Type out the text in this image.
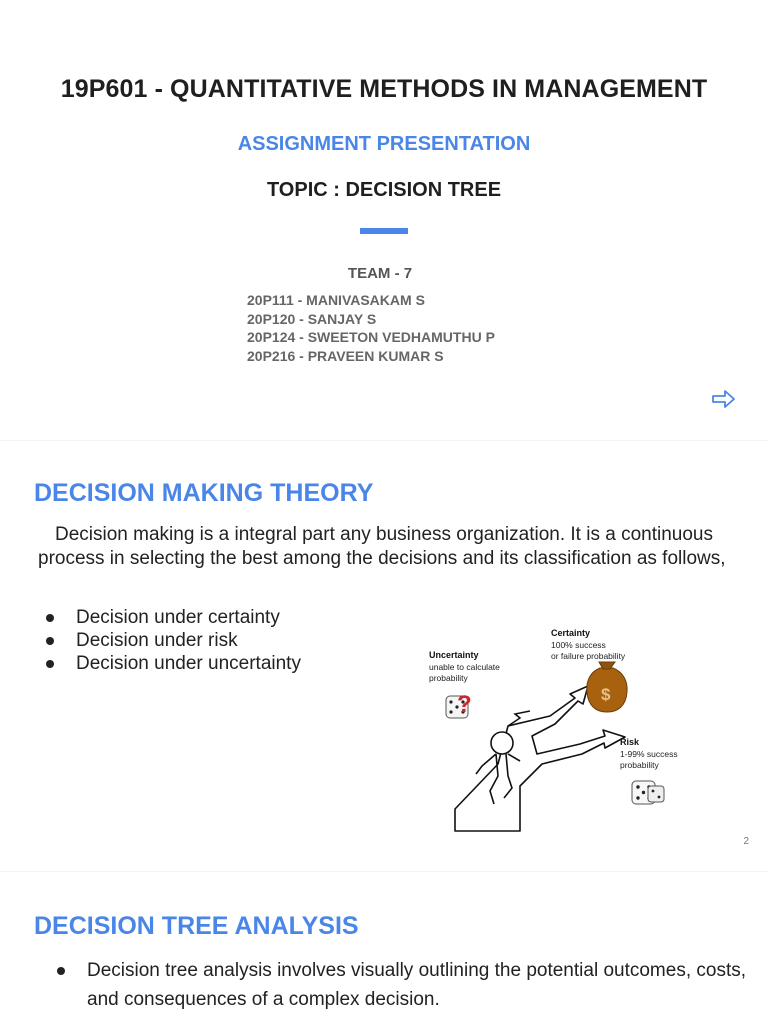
19P601 - QUANTITATIVE METHODS IN MANAGEMENT
ASSIGNMENT PRESENTATION
TOPIC : DECISION TREE
TEAM - 7
20P111 - MANIVASAKAM S
20P120 - SANJAY S
20P124 - SWEETON VEDHAMUTHU P
20P216 - PRAVEEN KUMAR S
DECISION MAKING THEORY

Decision making is a integral part any business organization. It is a continuous process in selecting the best among the decisions and its classification as follows,

Decision under certainty
Decision under risk
Decision under uncertainty
Certainty
100% success
or failure probability
Uncertainty
unable to calculate
probability
Risk
1-99% success
probability
$
?
2
DECISION TREE ANALYSIS
Decision tree analysis involves visually outlining the potential outcomes, costs, and consequences of a complex decision.
